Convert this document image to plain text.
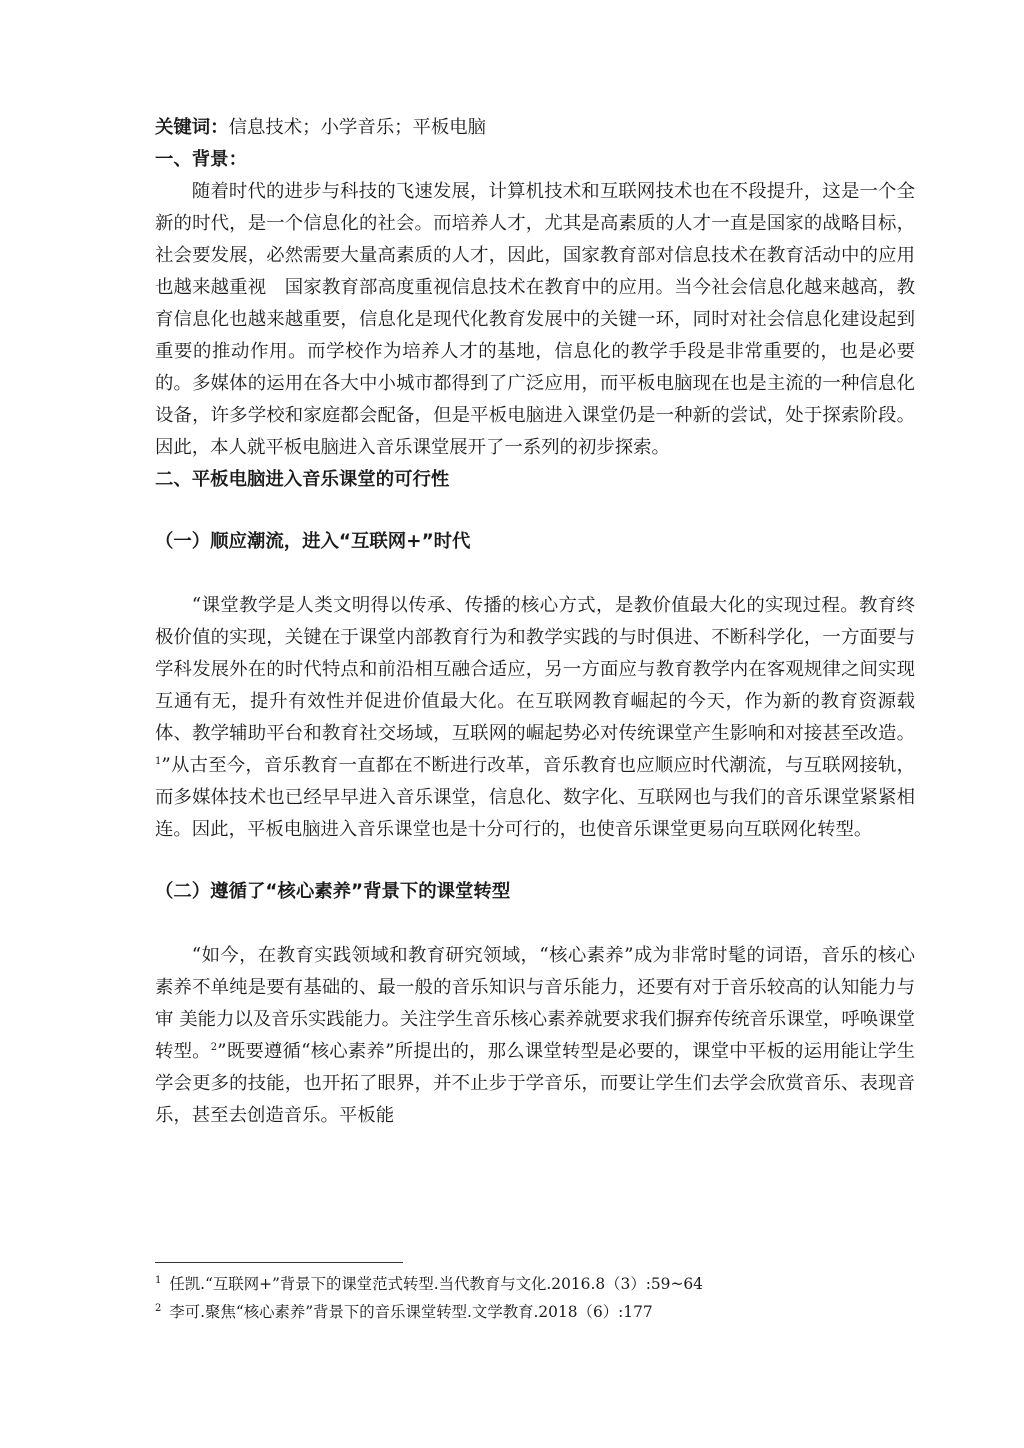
关键词：信息技术；小学音乐；平板电脑

一、背景：

随着时代的进步与科技的飞速发展，计算机技术和互联网技术也在不段提升，这是一个全新的时代，是一个信息化的社会。而培养人才，尤其是高素质的人才一直是国家的战略目标，社会要发展，必然需要大量高素质的人才，因此，国家教育部对信息技术在教育活动中的应用也越来越重视　国家教育部高度重视信息技术在教育中的应用。当今社会信息化越来越高，教育信息化也越来越重要，信息化是现代化教育发展中的关键一环，同时对社会信息化建设起到重要的推动作用。而学校作为培养人才的基地，信息化的教学手段是非常重要的，也是必要的。多媒体的运用在各大中小城市都得到了广泛应用，而平板电脑现在也是主流的一种信息化设备，许多学校和家庭都会配备，但是平板电脑进入课堂仍是一种新的尝试，处于探索阶段。因此，本人就平板电脑进入音乐课堂展开了一系列的初步探索。

二、平板电脑进入音乐课堂的可行性
（一）顺应潮流，进入“互联网+”时代

“课堂教学是人类文明得以传承、传播的核心方式，是教价值最大化的实现过程。教育终极价值的实现，关键在于课堂内部教育行为和教学实践的与时俱进、不断科学化，一方面要与学科发展外在的时代特点和前沿相互融合适应，另一方面应与教育教学内在客观规律之间实现互通有无，提升有效性并促进价值最大化。在互联网教育崛起的今天，作为新的教育资源载体、教学辅助平台和教育社交场域，互联网的崛起势必对传统课堂产生影响和对接甚至改造。$^1$”从古至今，音乐教育一直都在不断进行改革，音乐教育也应顺应时代潮流，与互联网接轨，而多媒体技术也已经早早进入音乐课堂，信息化、数字化、互联网也与我们的音乐课堂紧紧相连。因此，平板电脑进入音乐课堂也是十分可行的，也使音乐课堂更易向互联网化转型。

（二）遵循了“核心素养”背景下的课堂转型

“如今，在教育实践领域和教育研究领域，“核心素养”成为非常时髦的词语，音乐的核心 素养不单纯是要有基础的、最一般的音乐知识与音乐能力，还要有对于音乐较高的认知能力与审 美能力以及音乐实践能力。关注学生音乐核心素养就要求我们摒弃传统音乐课堂，呼唤课堂转型。$^2$”既要遵循“核心素养”所提出的，那么课堂转型是必要的，课堂中平板的运用能让学生学会更多的技能，也开拓了眼界，并不止步于学音乐，而要让学生们去学会欣赏音乐、表现音乐，甚至去创造音乐。平板能

$^1$ 任凯.“互联网+”背景下的课堂范式转型.当代教育与文化.2016.8（3）:59~64

$^2$ 李可.聚焦“核心素养”背景下的音乐课堂转型.文学教育.2018（6）:177
